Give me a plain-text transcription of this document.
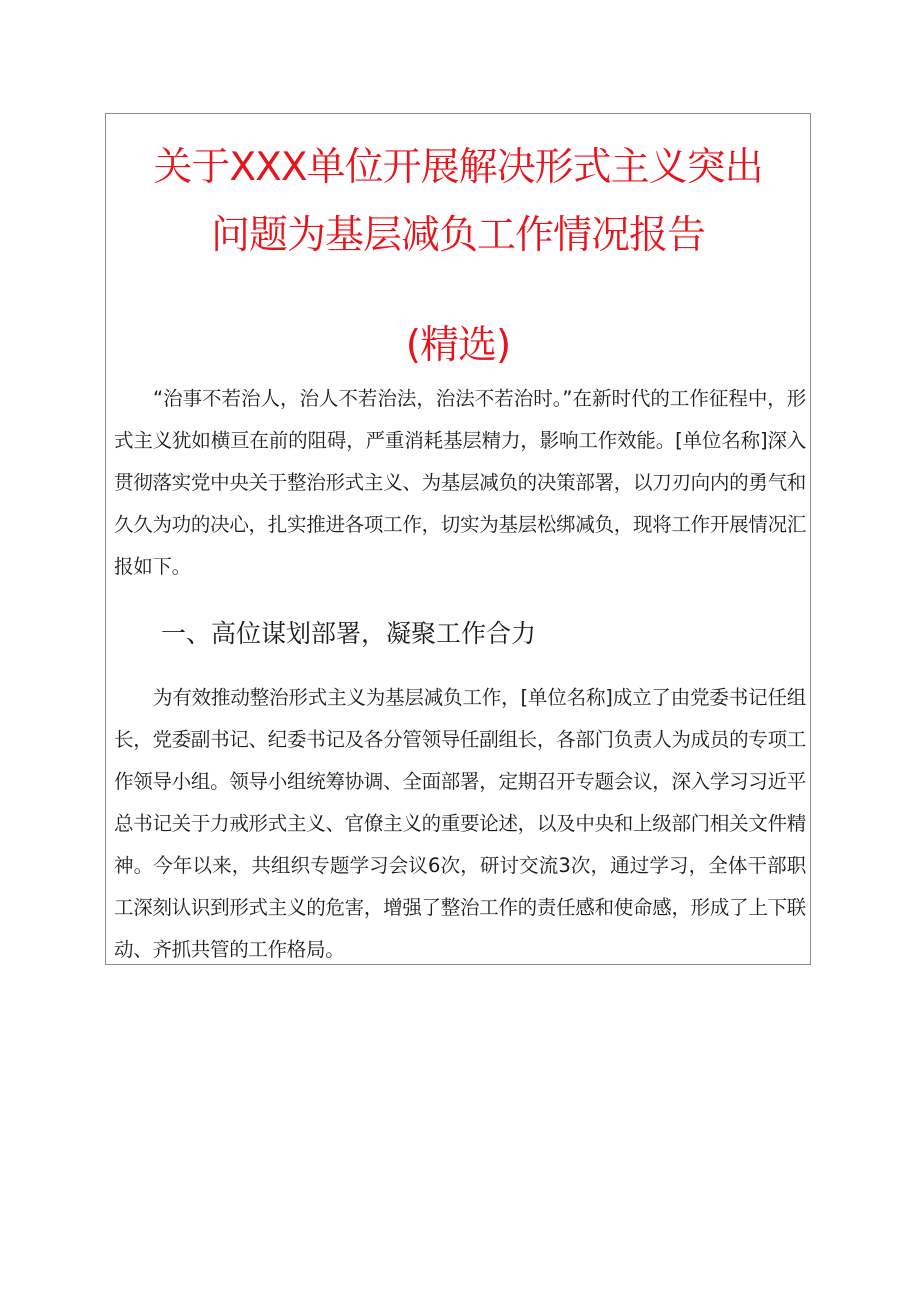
关于XXX单位开展解决形式主义突出
问题为基层减负工作情况报告
(精选)

“治事不若治人，治人不若治法，治法不若治时。”在新时代的工作征程中，形式主义犹如横亘在前的阻碍，严重消耗基层精力，影响工作效能。[单位名称]深入贯彻落实党中央关于整治形式主义、为基层减负的决策部署，以刀刃向内的勇气和久久为功的决心，扎实推进各项工作，切实为基层松绑减负，现将工作开展情况汇报如下。

一、高位谋划部署，凝聚工作合力

为有效推动整治形式主义为基层减负工作，[单位名称]成立了由党委书记任组长，党委副书记、纪委书记及各分管领导任副组长，各部门负责人为成员的专项工作领导小组。领导小组统筹协调、全面部署，定期召开专题会议，深入学习习近平总书记关于力戒形式主义、官僚主义的重要论述，以及中央和上级部门相关文件精神。今年以来，共组织专题学习会议6次，研讨交流3次，通过学习，全体干部职工深刻认识到形式主义的危害，增强了整治工作的责任感和使命感，形成了上下联动、齐抓共管的工作格局。
